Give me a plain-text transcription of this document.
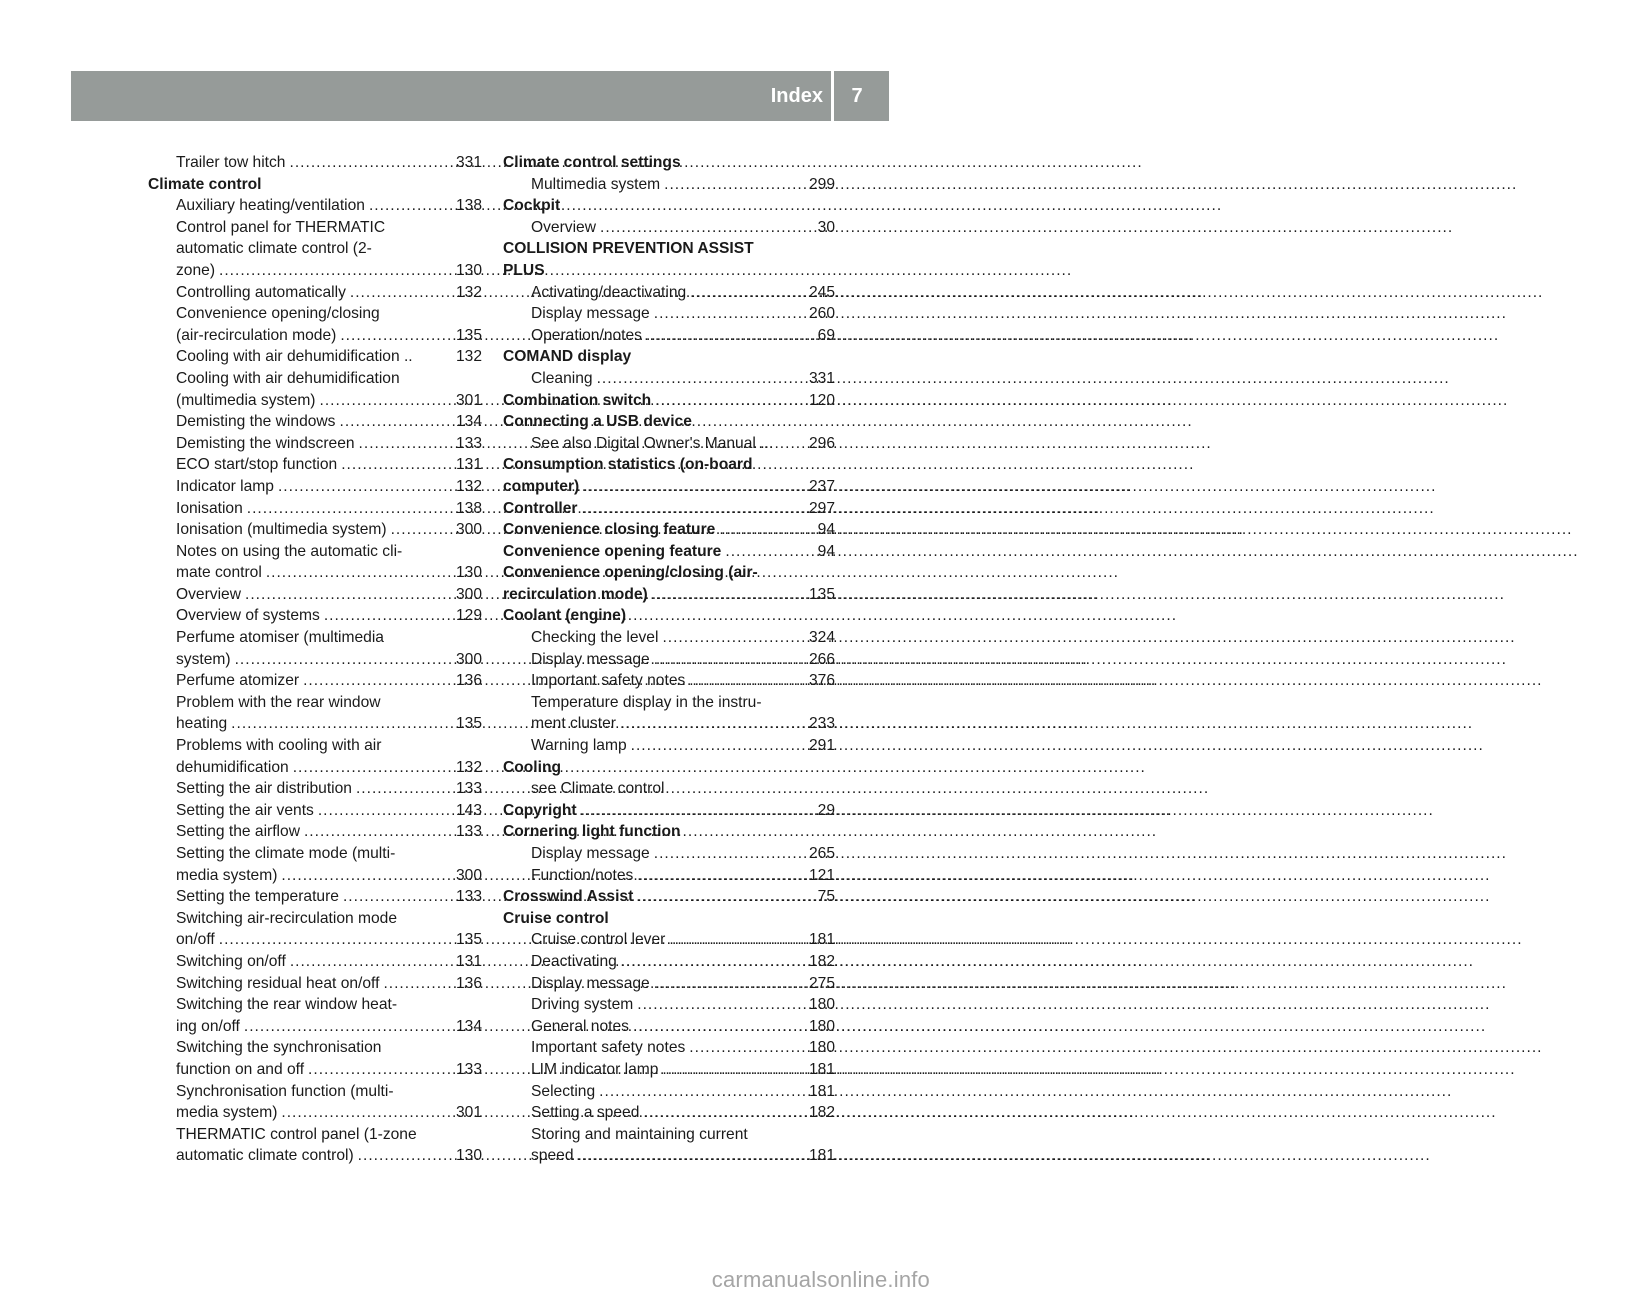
Index	7
Trailer tow hitch .....	331
Climate control
Auxiliary heating/ventilation .....	138
Control panel for THERMATIC
automatic climate control (2-
zone) .....	130
Controlling automatically .....	132
Convenience opening/closing
(air-recirculation mode) .....	135
Cooling with air dehumidification ..	132
Cooling with air dehumidification
(multimedia system) .....	301
Demisting the windows .....	134
Demisting the windscreen .....	133
ECO start/stop function .....	131
Indicator lamp .....	132
Ionisation .....	138
Ionisation (multimedia system) .....	300
Notes on using the automatic cli-
mate control .....	130
Overview .....	300
Overview of systems .....	129
Perfume atomiser (multimedia
system) .....	300
Perfume atomizer .....	136
Problem with the rear window
heating .....	135
Problems with cooling with air
dehumidification .....	132
Setting the air distribution .....	133
Setting the air vents .....	143
Setting the airflow .....	133
Setting the climate mode (multi-
media system) .....	300
Setting the temperature .....	133
Switching air-recirculation mode
on/off .....	135
Switching on/off .....	131
Switching residual heat on/off .....	136
Switching the rear window heat-
ing on/off .....	134
Switching the synchronisation
function on and off .....	133
Synchronisation function (multi-
media system) .....	301
THERMATIC control panel (1-zone
automatic climate control) .....	130
Climate control settings
Multimedia system .....	299
Cockpit
Overview .....	30
COLLISION PREVENTION ASSIST
PLUS
Activating/deactivating .....	245
Display message .....	260
Operation/notes .....	69
COMAND display
Cleaning .....	331
Combination switch .....	120
Connecting a USB device
See also Digital Owner's Manual ... 296
Consumption statistics (on-board
computer) .....	237
Controller .....	297
Convenience closing feature .....	94
Convenience opening feature .....	94
Convenience opening/closing (air-
recirculation mode) .....	135
Coolant (engine)
Checking the level .....	324
Display message .....	266
Important safety notes .....	376
Temperature display in the instru-
ment cluster .....	233
Warning lamp .....	291
Cooling
see Climate control
Copyright .....	29
Cornering light function
Display message .....	265
Function/notes .....	121
Crosswind Assist .....	75
Cruise control
Cruise control lever .....	181
Deactivating .....	182
Display message .....	275
Driving system .....	180
General notes .....	180
Important safety notes .....	180
LIM indicator lamp .....	181
Selecting .....	181
Setting a speed .....	182
Storing and maintaining current
speed .....	181
carmanualsonline.info
